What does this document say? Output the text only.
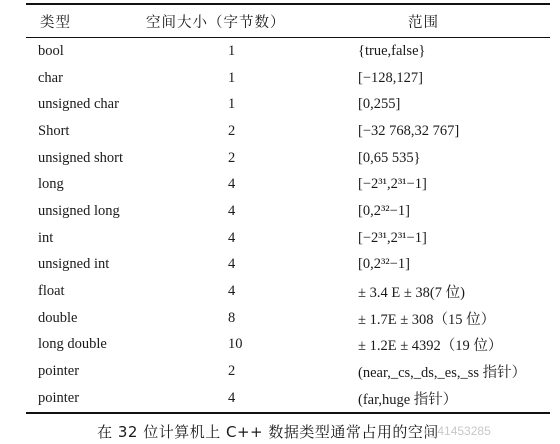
类型	空间大小（字节数）	范围
bool	1	{true,false}
char	1	[−128,127]
unsigned char	1	[0,255]
Short	2	[−32 768,32 767]
unsigned short	2	[0,65 535}
long	4	[−2³¹,2³¹−1]
unsigned long	4	[0,2³²−1]
int	4	[−2³¹,2³¹−1]
unsigned int	4	[0,2³²−1]
float	4	± 3.4 E ± 38(7 位)
double	8	± 1.7E ± 308（15 位）
long double	10	± 1.2E ± 4392（19 位）
pointer	2	(near,_cs,_ds,_es,_ss 指针）
pointer	4	(far,huge 指针）
在 32 位计算机上 C++ 数据类型通常占用的空间
q_41453285
